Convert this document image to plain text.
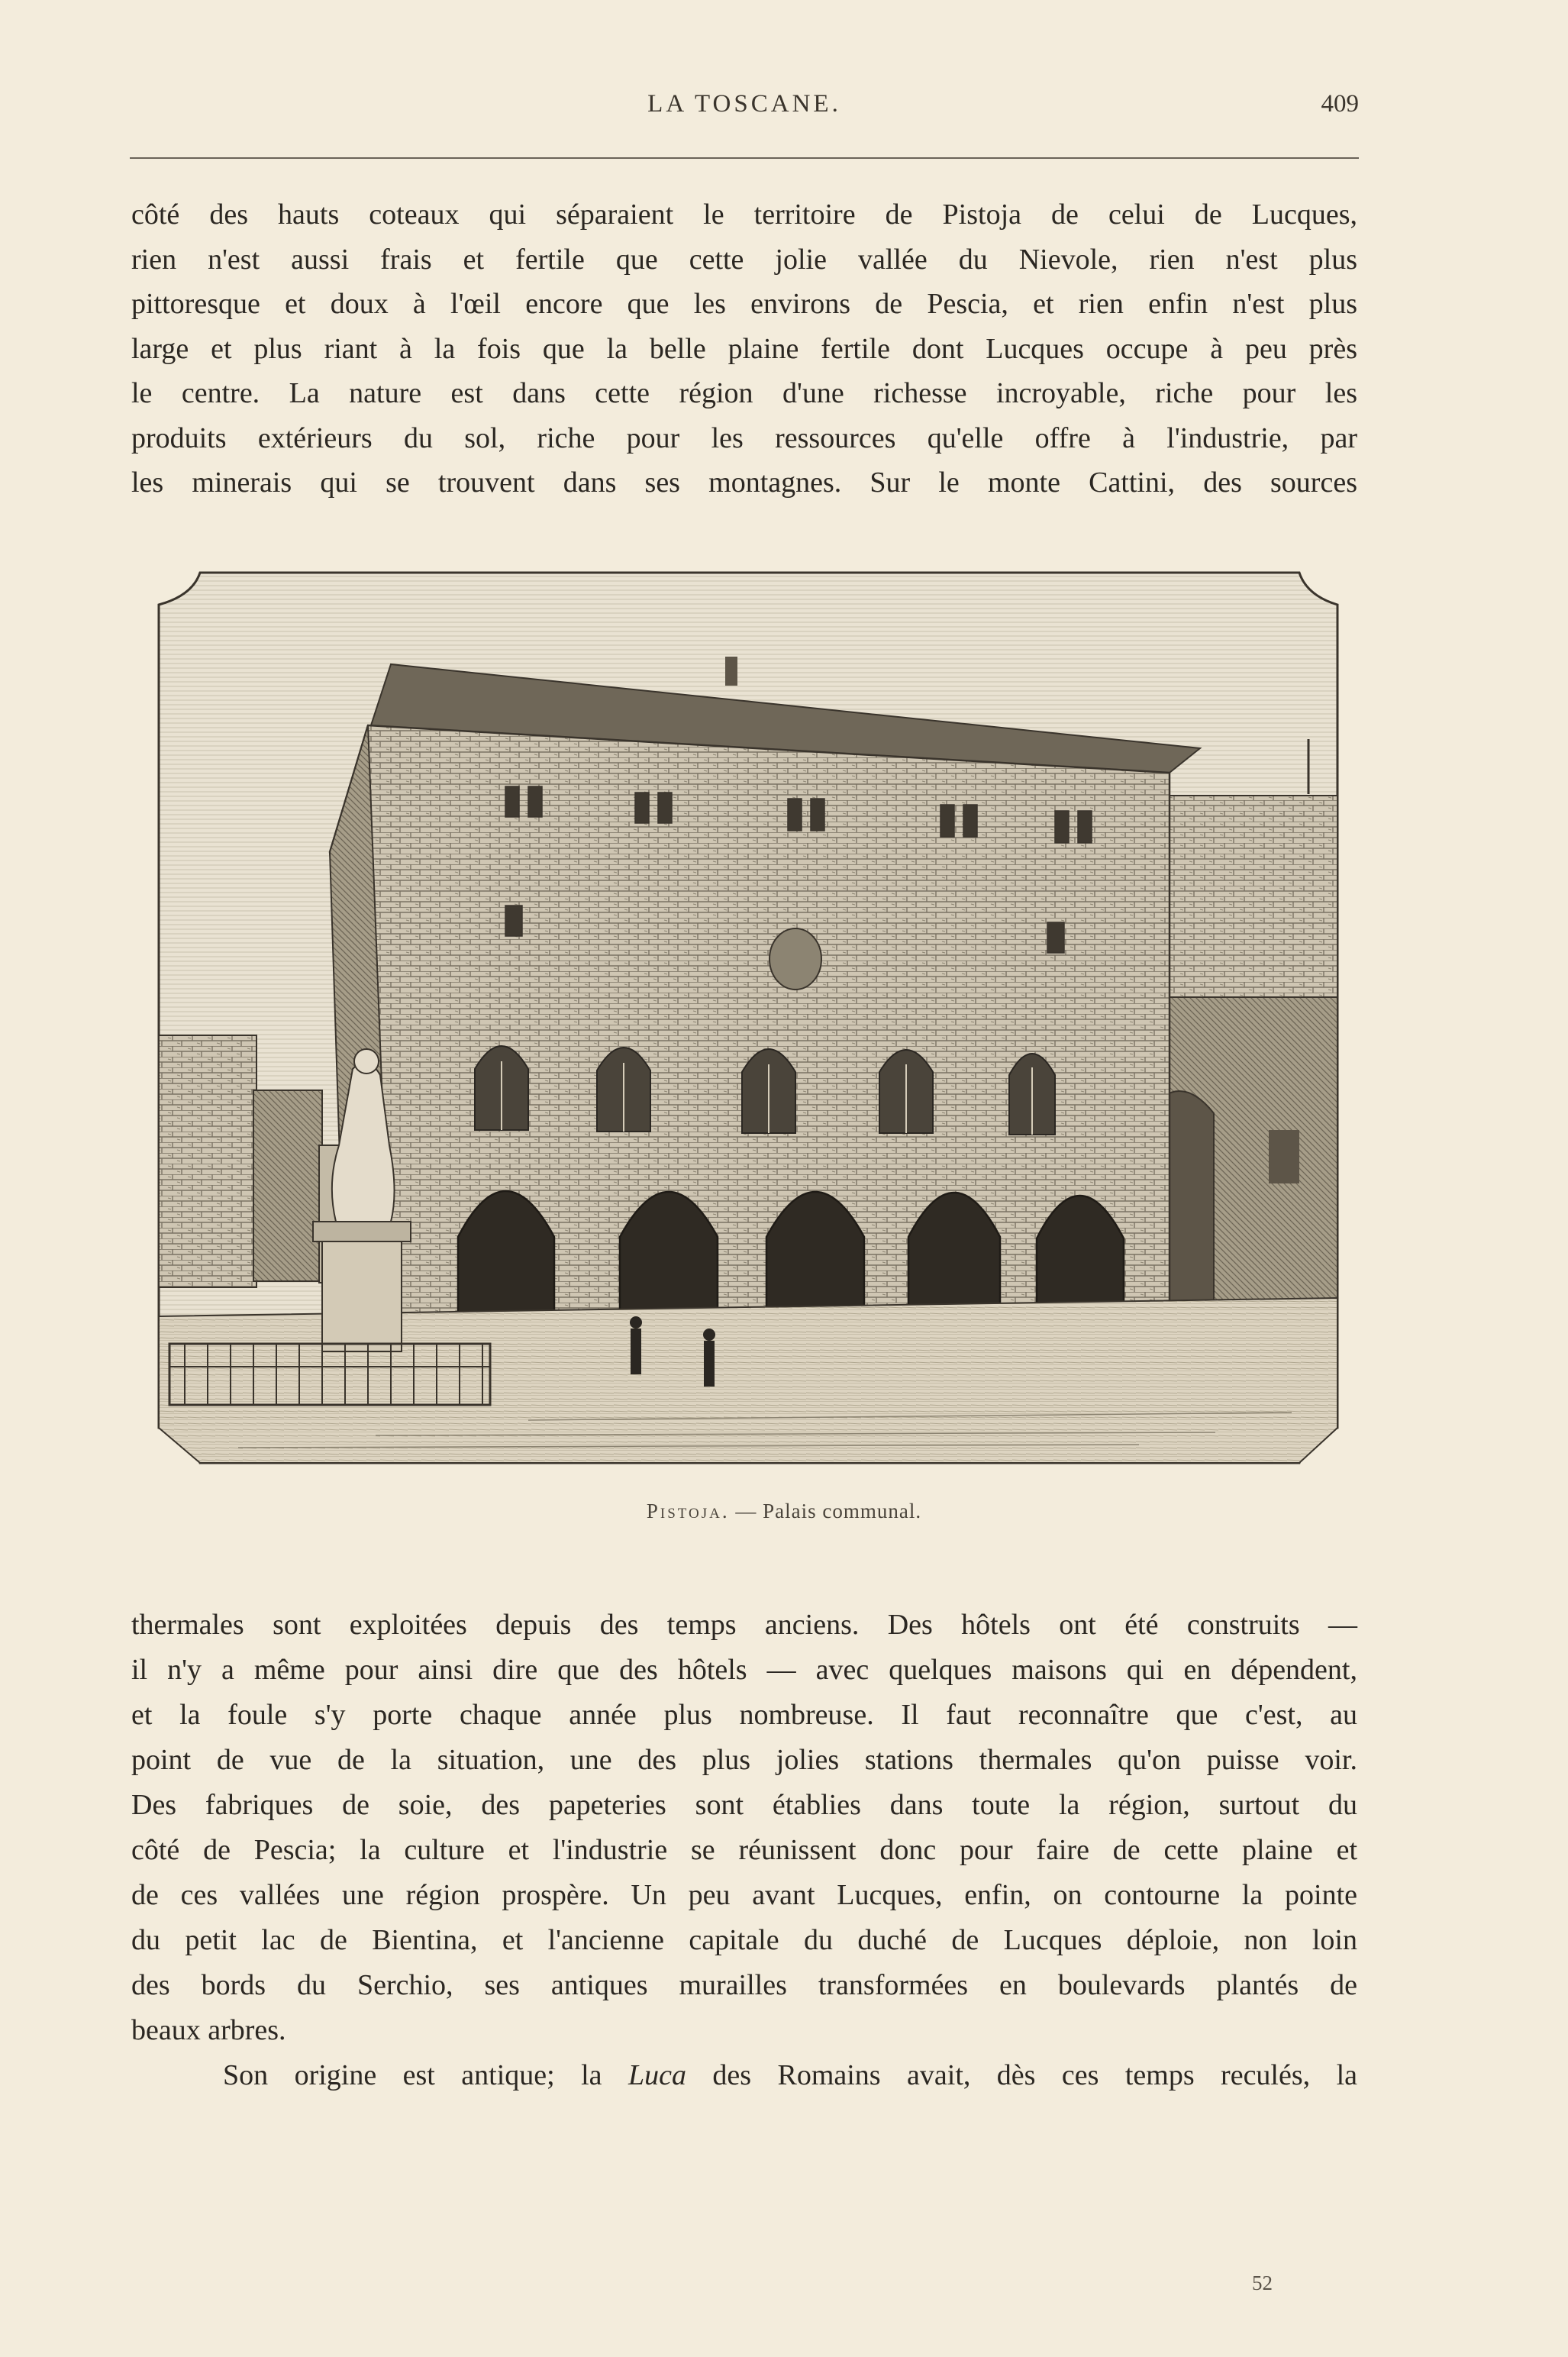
LA TOSCANE.	409
côté des hauts coteaux qui séparaient le territoire de Pistoja de celui de Lucques,
rien n'est aussi frais et fertile que cette jolie vallée du Nievole, rien n'est plus
pittoresque et doux à l'œil encore que les environs de Pescia, et rien enfin n'est plus
large et plus riant à la fois que la belle plaine fertile dont Lucques occupe à peu près
le centre. La nature est dans cette région d'une richesse incroyable, riche pour les
produits extérieurs du sol, riche pour les ressources qu'elle offre à l'industrie, par
les minerais qui se trouvent dans ses montagnes. Sur le monte Cattini, des sources
Pistoja. — Palais communal.
thermales sont exploitées depuis des temps anciens. Des hôtels ont été construits —
il n'y a même pour ainsi dire que des hôtels — avec quelques maisons qui en dépendent,
et la foule s'y porte chaque année plus nombreuse. Il faut reconnaître que c'est, au
point de vue de la situation, une des plus jolies stations thermales qu'on puisse voir.
Des fabriques de soie, des papeteries sont établies dans toute la région, surtout du
côté de Pescia; la culture et l'industrie se réunissent donc pour faire de cette plaine et
de ces vallées une région prospère. Un peu avant Lucques, enfin, on contourne la pointe
du petit lac de Bientina, et l'ancienne capitale du duché de Lucques déploie, non loin
des bords du Serchio, ses antiques murailles transformées en boulevards plantés de
beaux arbres.
Son origine est antique; la Luca des Romains avait, dès ces temps reculés, la
52
